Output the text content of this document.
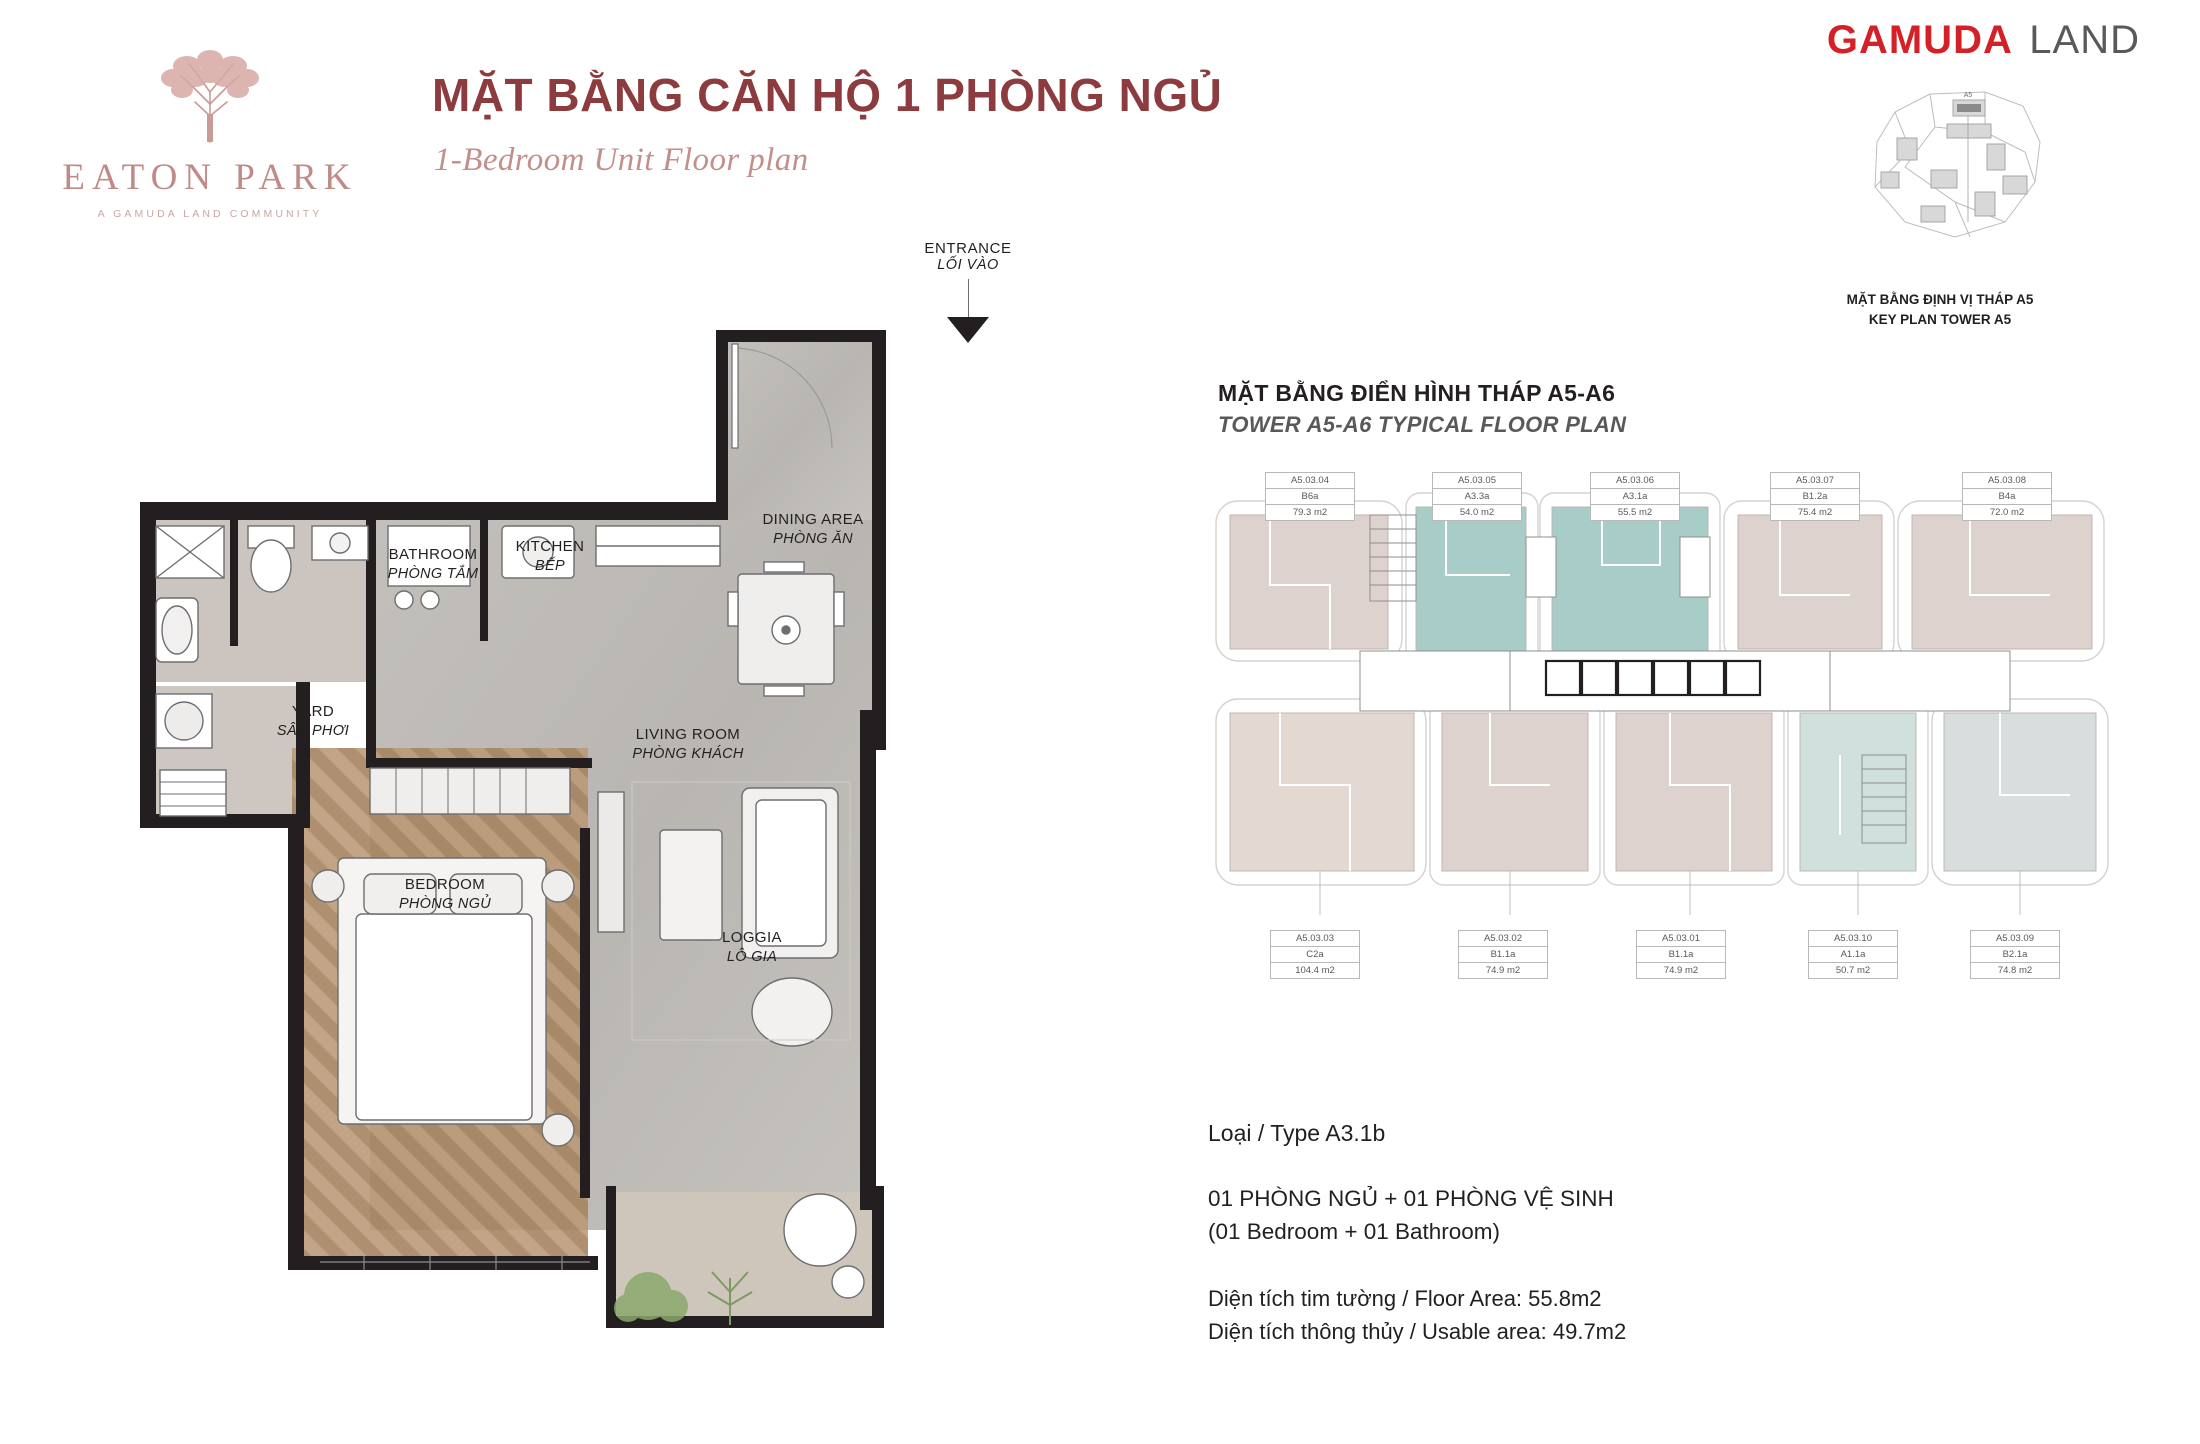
EATON PARK
A GAMUDA LAND COMMUNITY
MẶT BẰNG CĂN HỘ 1 PHÒNG NGỦ
1-Bedroom Unit Floor plan
GAMUDA LAND
A5
MẶT BẰNG ĐỊNH VỊ THÁP A5
KEY PLAN TOWER A5
ENTRANCE
LỐI VÀO
BATHROOM
PHÒNG TẮM
KITCHEN
BẾP
DINING AREA
PHÒNG ĂN
YARD
SÂN PHƠI	LIVING ROOM
PHÒNG KHÁCH
BEDROOM
PHÒNG NGỦ
LOGGIA
LÔ GIA
MẶT BẰNG ĐIỂN HÌNH THÁP A5-A6
TOWER A5-A6 TYPICAL FLOOR PLAN
A5.03.04
B6a
79.3 m2
A5.03.05
A3.3a
54.0 m2
A5.03.06
A3.1a
55.5 m2
A5.03.07
B1.2a
75.4 m2
A5.03.08
B4a
72.0 m2
A5.03.03
C2a
104.4 m2
A5.03.02
B1.1a
74.9 m2
A5.03.01
B1.1a
74.9 m2
A5.03.10
A1.1a
50.7 m2
A5.03.09
B2.1a
74.8 m2
Loại / Type A3.1b
01 PHÒNG NGỦ + 01 PHÒNG VỆ SINH
(01 Bedroom + 01 Bathroom)
Diện tích tim tường / Floor Area: 55.8m2
Diện tích thông thủy / Usable area: 49.7m2
